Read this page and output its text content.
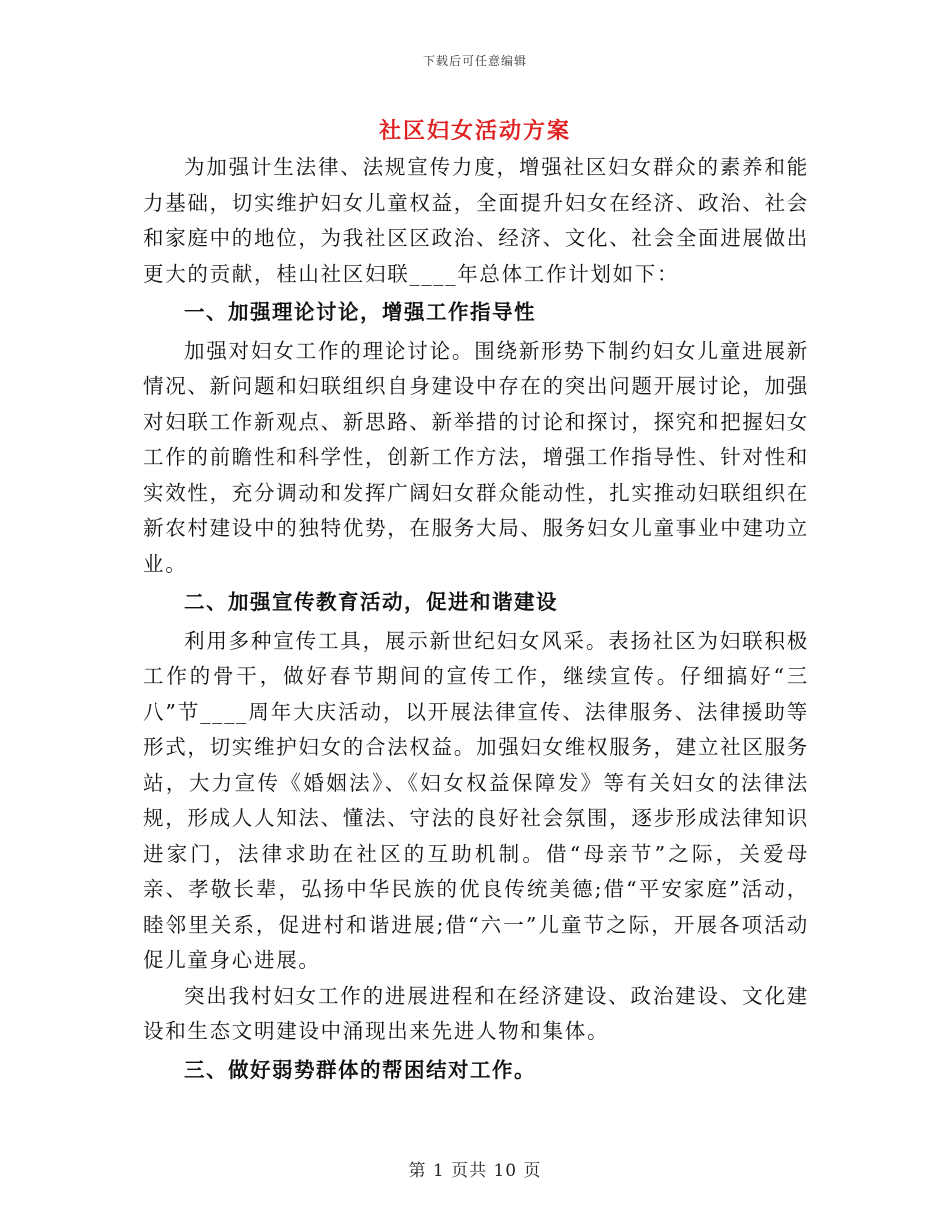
下载后可任意编辑
社区妇女活动方案

为加强计生法律、法规宣传力度，增强社区妇女群众的素养和能力基础，切实维护妇女儿童权益，全面提升妇女在经济、政治、社会和家庭中的地位，为我社区区政治、经济、文化、社会全面进展做出更大的贡献，桂山社区妇联____年总体工作计划如下：

一、加强理论讨论，增强工作指导性

加强对妇女工作的理论讨论。围绕新形势下制约妇女儿童进展新情况、新问题和妇联组织自身建设中存在的突出问题开展讨论，加强对妇联工作新观点、新思路、新举措的讨论和探讨，探究和把握妇女工作的前瞻性和科学性，创新工作方法，增强工作指导性、针对性和实效性，充分调动和发挥广阔妇女群众能动性，扎实推动妇联组织在新农村建设中的独特优势，在服务大局、服务妇女儿童事业中建功立业。

二、加强宣传教育活动，促进和谐建设

利用多种宣传工具，展示新世纪妇女风采。表扬社区为妇联积极工作的骨干，做好春节期间的宣传工作，继续宣传。仔细搞好“三八”节____周年大庆活动，以开展法律宣传、法律服务、法律援助等形式，切实维护妇女的合法权益。加强妇女维权服务，建立社区服务站，大力宣传《婚姻法》、《妇女权益保障发》等有关妇女的法律法规，形成人人知法、懂法、守法的良好社会氛围，逐步形成法律知识进家门，法律求助在社区的互助机制。借“母亲节”之际，关爱母亲、孝敬长辈，弘扬中华民族的优良传统美德;借“平安家庭”活动，睦邻里关系，促进村和谐进展;借“六一”儿童节之际，开展各项活动促儿童身心进展。

突出我村妇女工作的进展进程和在经济建设、政治建设、文化建设和生态文明建设中涌现出来先进人物和集体。

三、做好弱势群体的帮困结对工作。

第 1 页共 10 页
